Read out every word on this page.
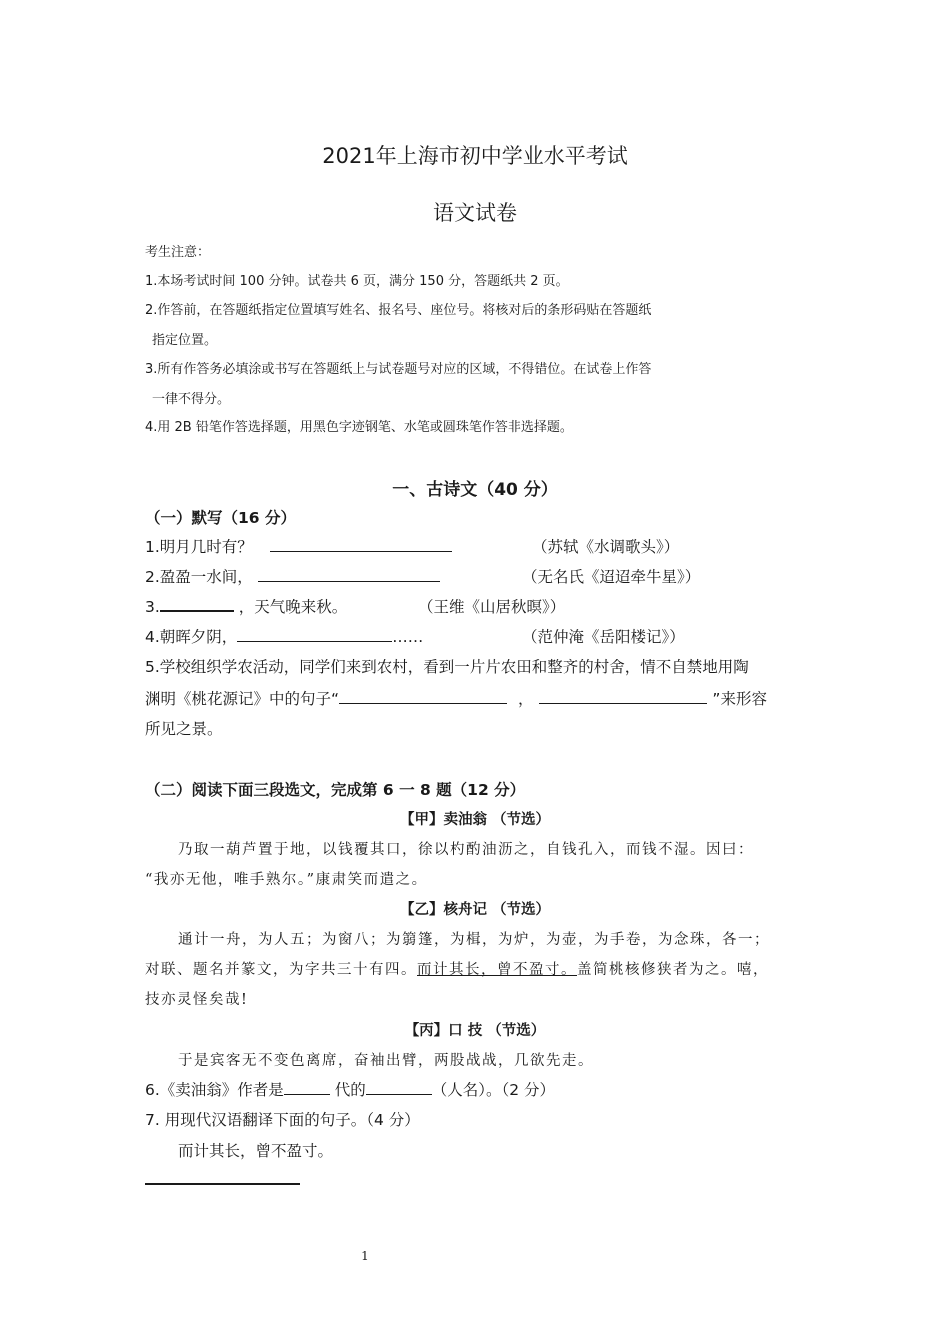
2021年上海市初中学业水平考试
语文试卷
考生注意：
1.本场考试时间 100 分钟。试卷共 6 页，满分 150 分，答题纸共 2 页。
2.作答前，在答题纸指定位置填写姓名、报名号、座位号。将核对后的条形码贴在答题纸
指定位置。
3.所有作答务必填涂或书写在答题纸上与试卷题号对应的区域，不得错位。在试卷上作答
一律不得分。
4.用 2B 铅笔作答选择题，用黑色字迹钢笔、水笔或圆珠笔作答非选择题。
一、古诗文（40 分）
（一）默写（16 分）
1.明月几时有？	（苏轼《水调歌头》）
2.盈盈一水间，	（无名氏《迢迢牵牛星》）
3.	，天气晚来秋。	（王维《山居秋暝》）
4.朝晖夕阴，	……	（范仲淹《岳阳楼记》）
5.学校组织学农活动，同学们来到农村，看到一片片农田和整齐的村舍，情不自禁地用陶
渊明《桃花源记》中的句子“	，	”来形容
所见之景。
（二）阅读下面三段选文，完成第 6 一 8 题（12 分）
【甲】卖油翁 （节选）
乃取一葫芦置于地，以钱覆其口，徐以杓酌油沥之，自钱孔入，而钱不湿。因曰：
“我亦无他，唯手熟尔。”康肃笑而遣之。
【乙】核舟记 （节选）
通计一舟，为人五；为窗八；为篛篷，为楫，为炉，为壶，为手卷，为念珠，各一；
对联、题名并篆文，为字共三十有四。而计其长，曾不盈寸。盖简桃核修狭者为之。嘻，
技亦灵怪矣哉!
【丙】口 技 （节选）
于是宾客无不变色离席，奋袖出臂，两股战战，几欲先走。
6.《卖油翁》作者是	代的	（人名）。（2 分）
7. 用现代汉语翻译下面的句子。（4 分）
而计其长，曾不盈寸。
1
